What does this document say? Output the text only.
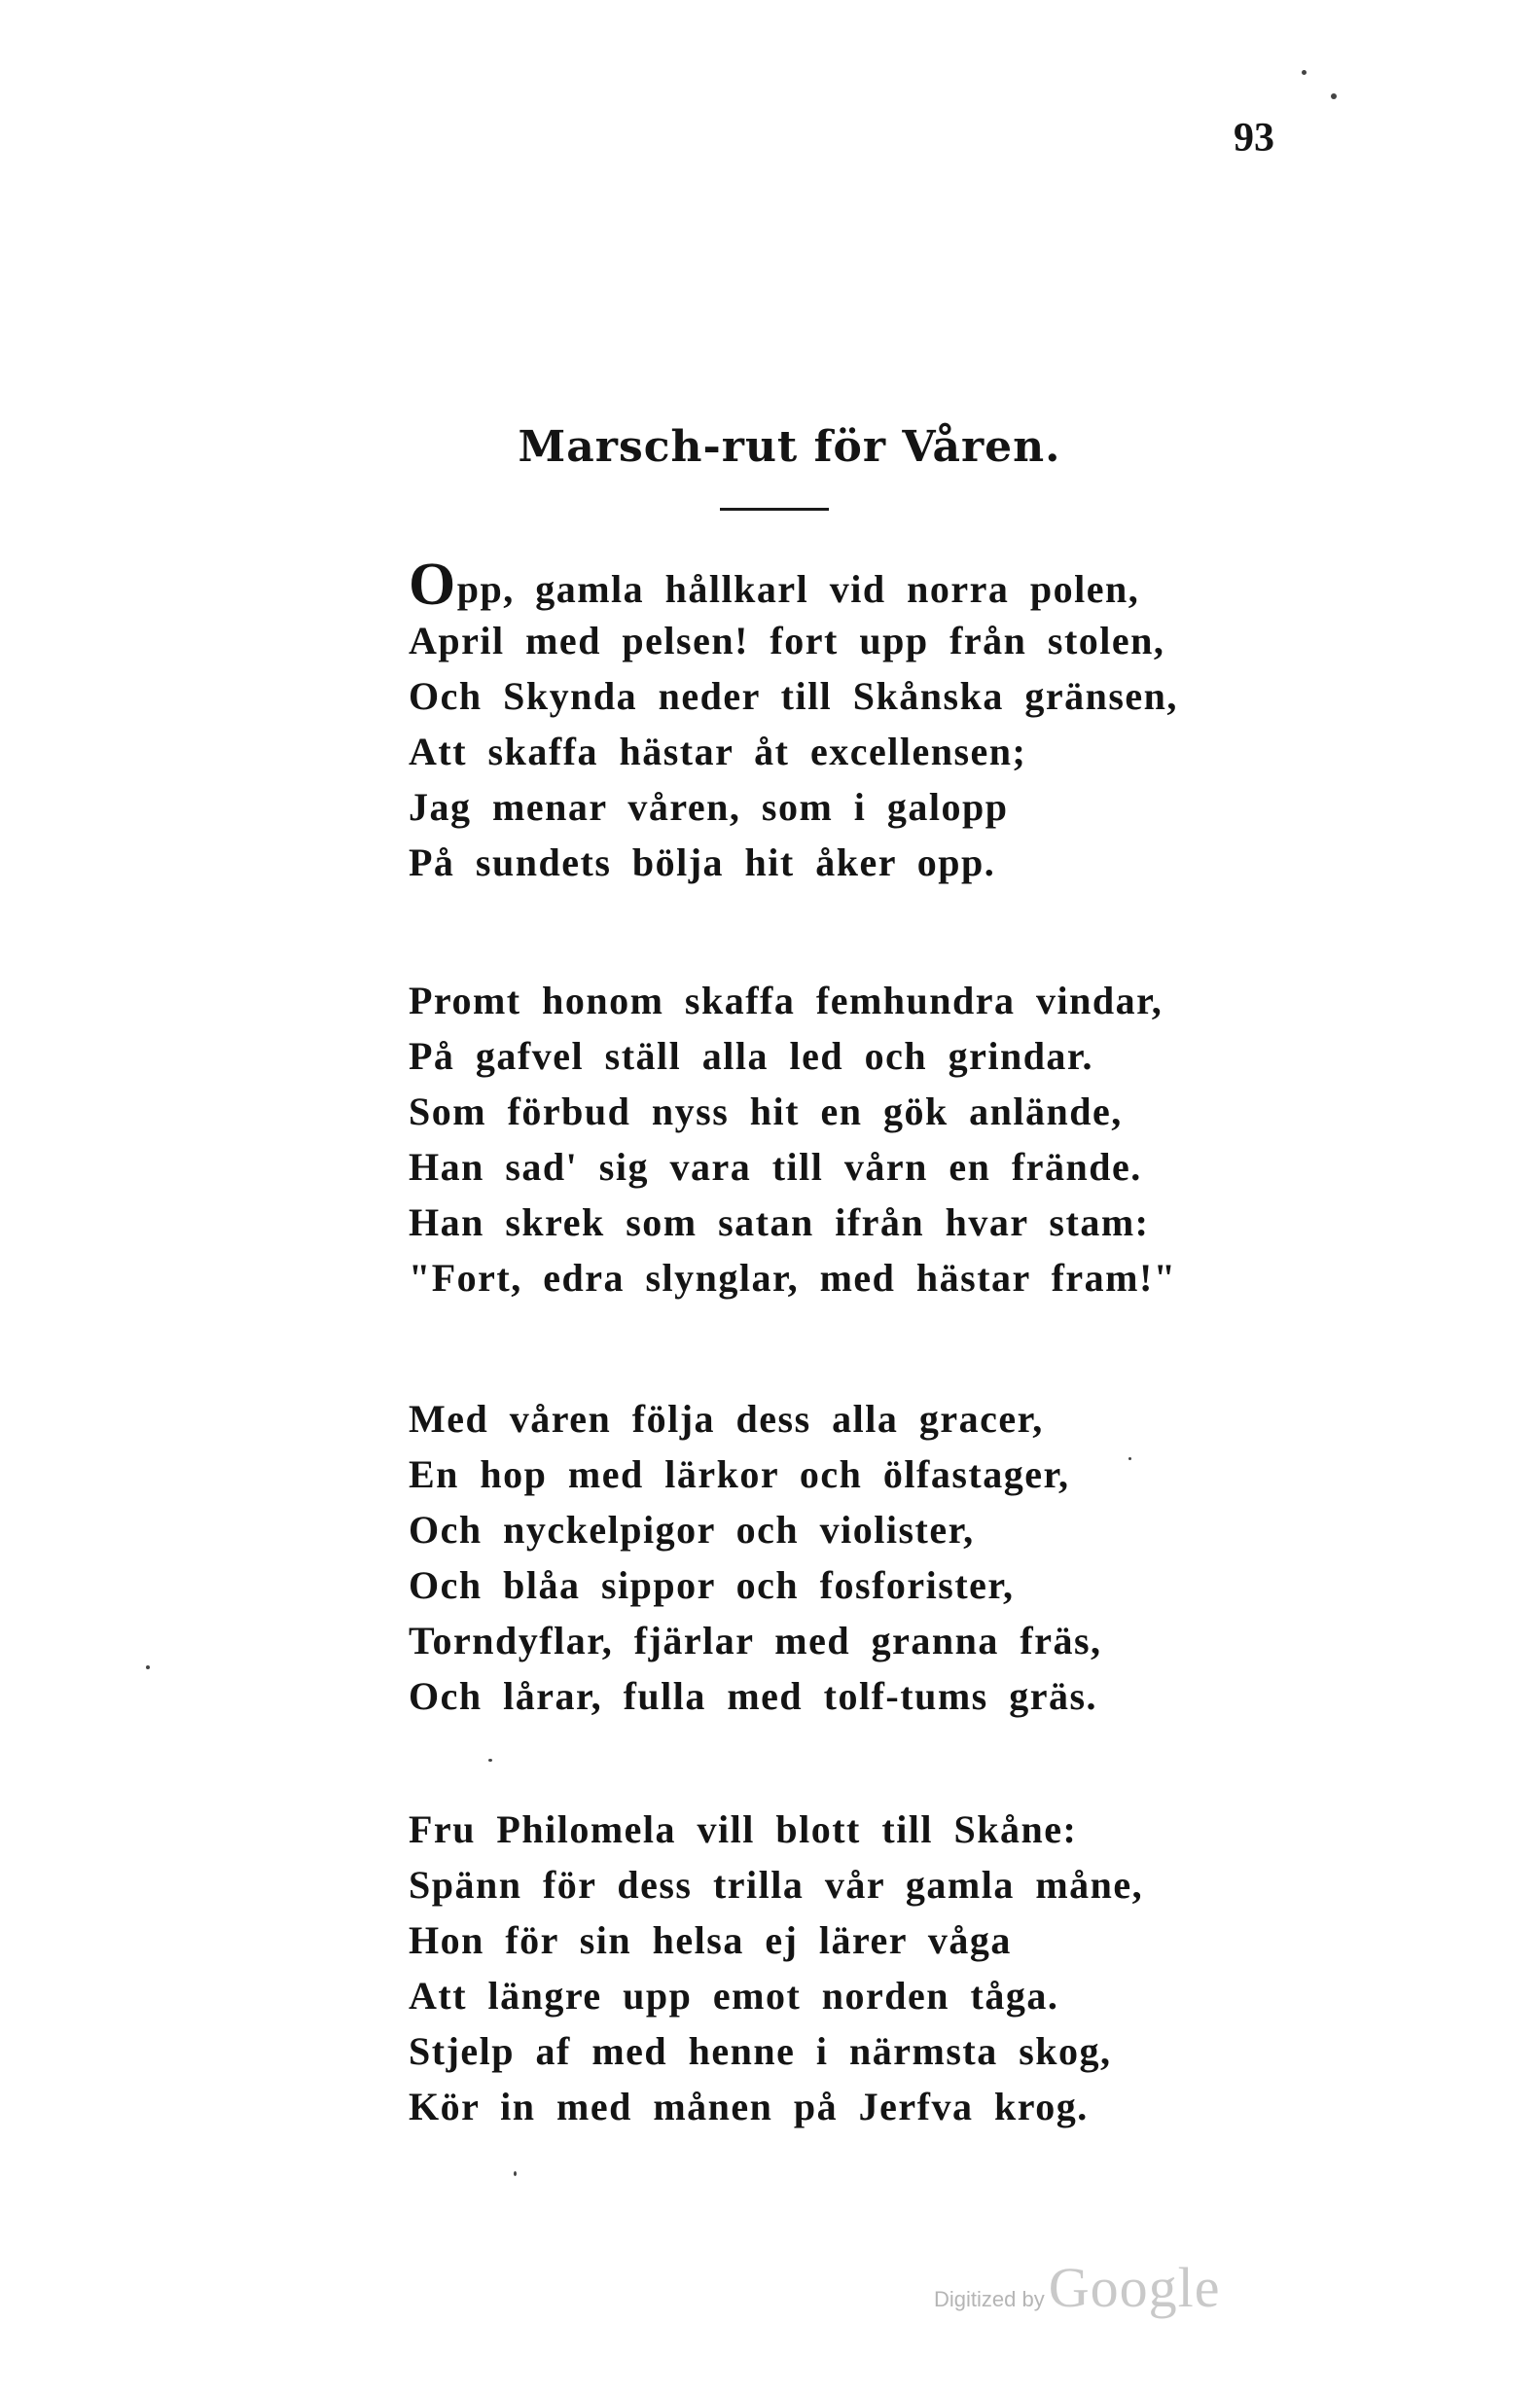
93
Marsch-rut för Våren.
Opp, gamla hållkarl vid norra polen,
April med pelsen! fort upp från stolen,
Och Skynda neder till Skånska gränsen,
Att skaffa hästar åt excellensen;
Jag menar våren, som i galopp
På sundets bölja hit åker opp.
Promt honom skaffa femhundra vindar,
På gafvel ställ alla led och grindar.
Som förbud nyss hit en gök anlände,
Han sad' sig vara till vårn en frände.
Han skrek som satan ifrån hvar stam:
"Fort, edra slynglar, med hästar fram!"
Med våren följa dess alla gracer,
En hop med lärkor och ölfastager,
Och nyckelpigor och violister,
Och blåa sippor och fosforister,
Torndyflar, fjärlar med granna fräs,
Och lårar, fulla med tolf-tums gräs.
Fru Philomela vill blott till Skåne:
Spänn för dess trilla vår gamla måne,
Hon för sin helsa ej lärer våga
Att längre upp emot norden tåga.
Stjelp af med henne i närmsta skog,
Kör in med månen på Jerfva krog.
Digitized by Google
